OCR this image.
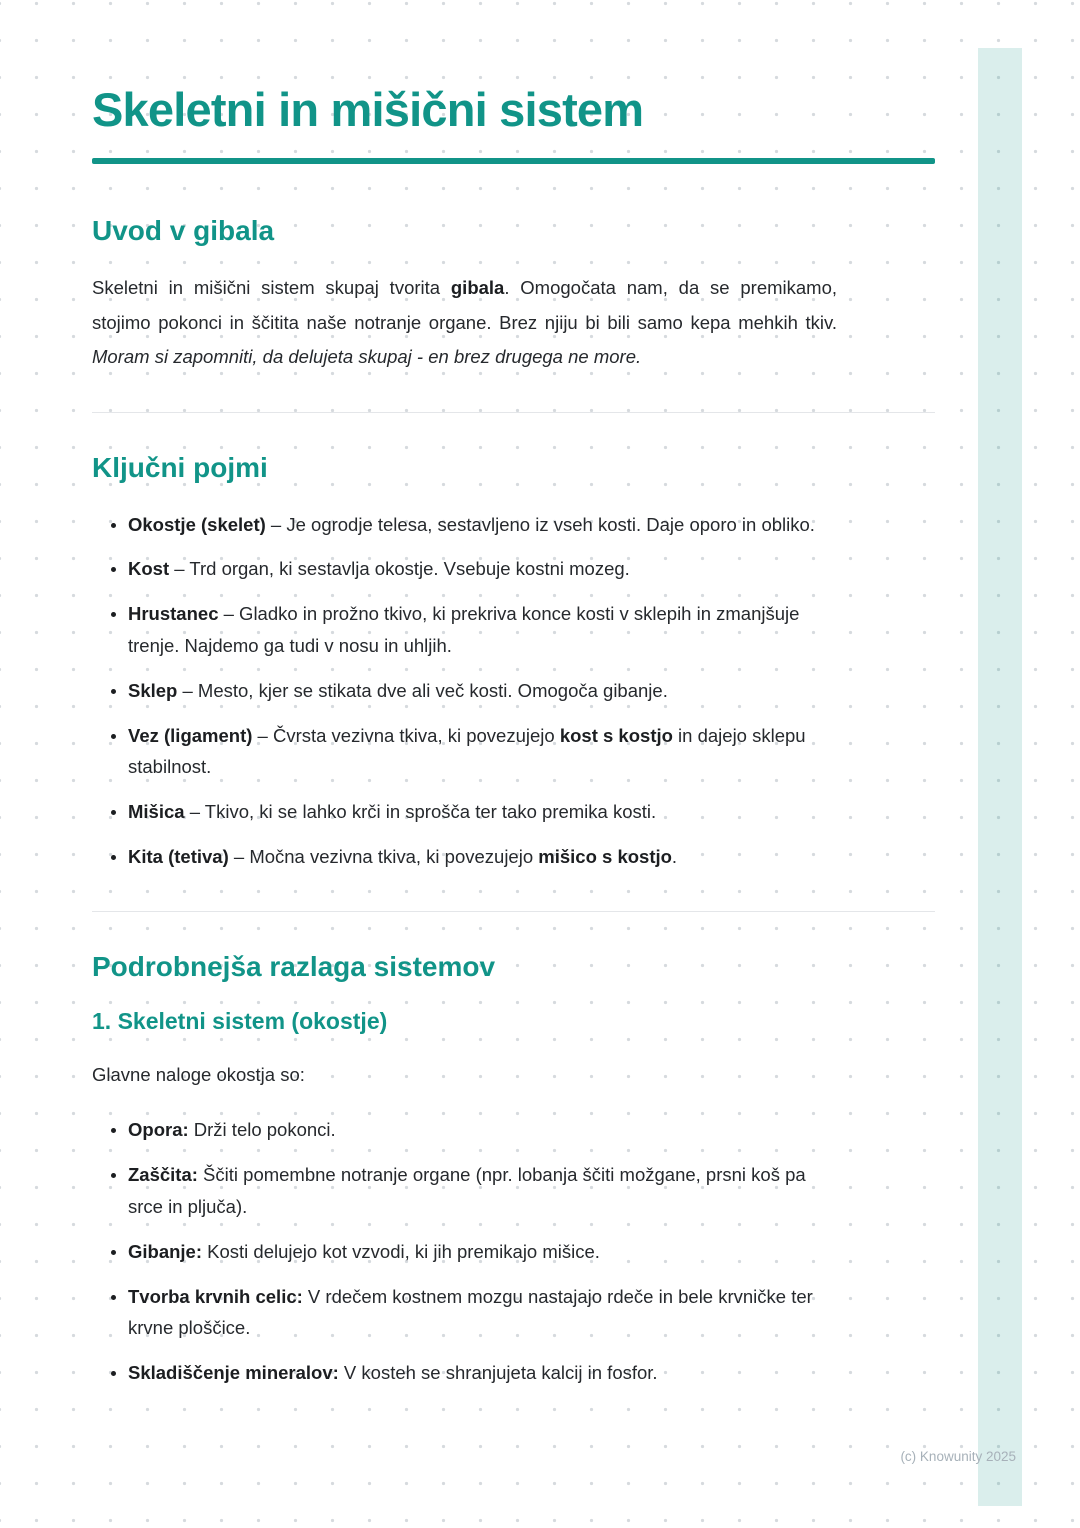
Skeletni in mišični sistem
Uvod v gibala

Skeletni in mišični sistem skupaj tvorita gibala. Omogočata nam, da se premikamo, stojimo pokonci in ščitita naše notranje organe. Brez njiju bi bili samo kepa mehkih tkiv. Moram si zapomniti, da delujeta skupaj - en brez drugega ne more.

Ključni pojmi
• Okostje (skelet) – Je ogrodje telesa, sestavljeno iz vseh kosti. Daje oporo in obliko.
• Kost – Trd organ, ki sestavlja okostje. Vsebuje kostni mozeg.
• Hrustanec – Gladko in prožno tkivo, ki prekriva konce kosti v sklepih in zmanjšuje trenje. Najdemo ga tudi v nosu in uhljih.
• Sklep – Mesto, kjer se stikata dve ali več kosti. Omogoča gibanje.
• Vez (ligament) – Čvrsta vezivna tkiva, ki povezujejo kost s kostjo in dajejo sklepu stabilnost.
• Mišica – Tkivo, ki se lahko krči in sprošča ter tako premika kosti.
• Kita (tetiva) – Močna vezivna tkiva, ki povezujejo mišico s kostjo.
Podrobnejša razlaga sistemov
1. Skeletni sistem (okostje)

Glavne naloge okostja so:

• Opora: Drži telo pokonci.
• Zaščita: Ščiti pomembne notranje organe (npr. lobanja ščiti možgane, prsni koš pa srce in pljuča).
• Gibanje: Kosti delujejo kot vzvodi, ki jih premikajo mišice.
• Tvorba krvnih celic: V rdečem kostnem mozgu nastajajo rdeče in bele krvničke ter krvne ploščice.
• Skladiščenje mineralov: V kosteh se shranjujeta kalcij in fosfor.
(c) Knowunity 2025
